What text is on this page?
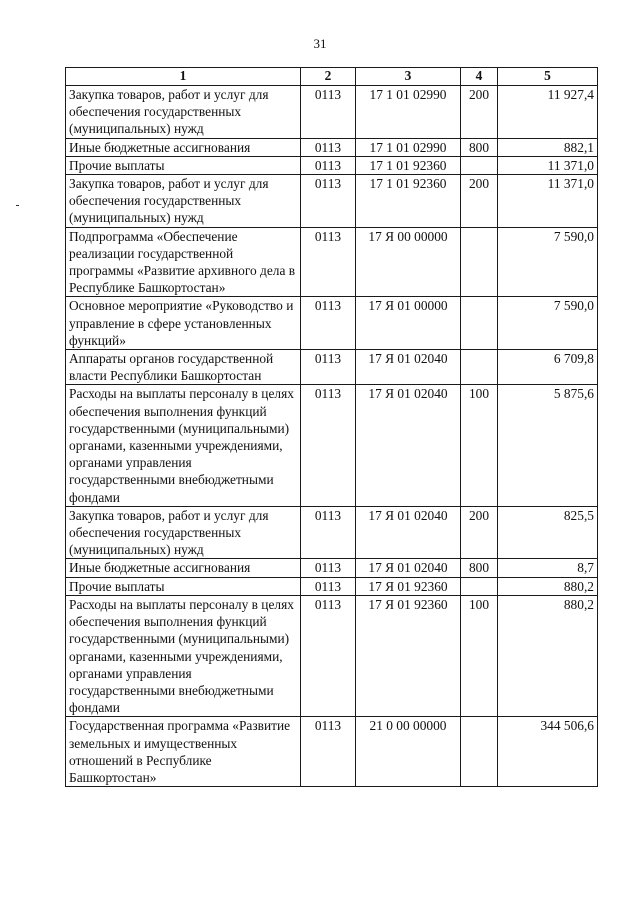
31
1	2	3	4	5
Закупка товаров, работ и услуг для обеспечения государственных (муниципальных) нужд	0113	17 1 01 02990	200	11 927,4
Иные бюджетные ассигнования	0113	17 1 01 02990	800	882,1
Прочие выплаты	0113	17 1 01 92360		11 371,0
Закупка товаров, работ и услуг для обеспечения государственных (муниципальных) нужд	0113	17 1 01 92360	200	11 371,0
Подпрограмма «Обеспечение реализации государственной программы «Развитие архивного дела в Республике Башкортостан»	0113	17 Я 00 00000		7 590,0
Основное мероприятие «Руководство и управление в сфере установленных функций»	0113	17 Я 01 00000		7 590,0
Аппараты органов государственной власти Республики Башкортостан	0113	17 Я 01 02040		6 709,8
Расходы на выплаты персоналу в целях обеспечения выполнения функций государственными (муниципальными) органами, казенными учреждениями, органами управления государственными внебюджетными фондами	0113	17 Я 01 02040	100	5 875,6
Закупка товаров, работ и услуг для обеспечения государственных (муниципальных) нужд	0113	17 Я 01 02040	200	825,5
Иные бюджетные ассигнования	0113	17 Я 01 02040	800	8,7
Прочие выплаты	0113	17 Я 01 92360		880,2
Расходы на выплаты персоналу в целях обеспечения выполнения функций государственными (муниципальными) органами, казенными учреждениями, органами управления государственными внебюджетными фондами	0113	17 Я 01 92360	100	880,2
Государственная программа «Развитие земельных и имущественных отношений в Республике Башкортостан»	0113	21 0 00 00000		344 506,6
